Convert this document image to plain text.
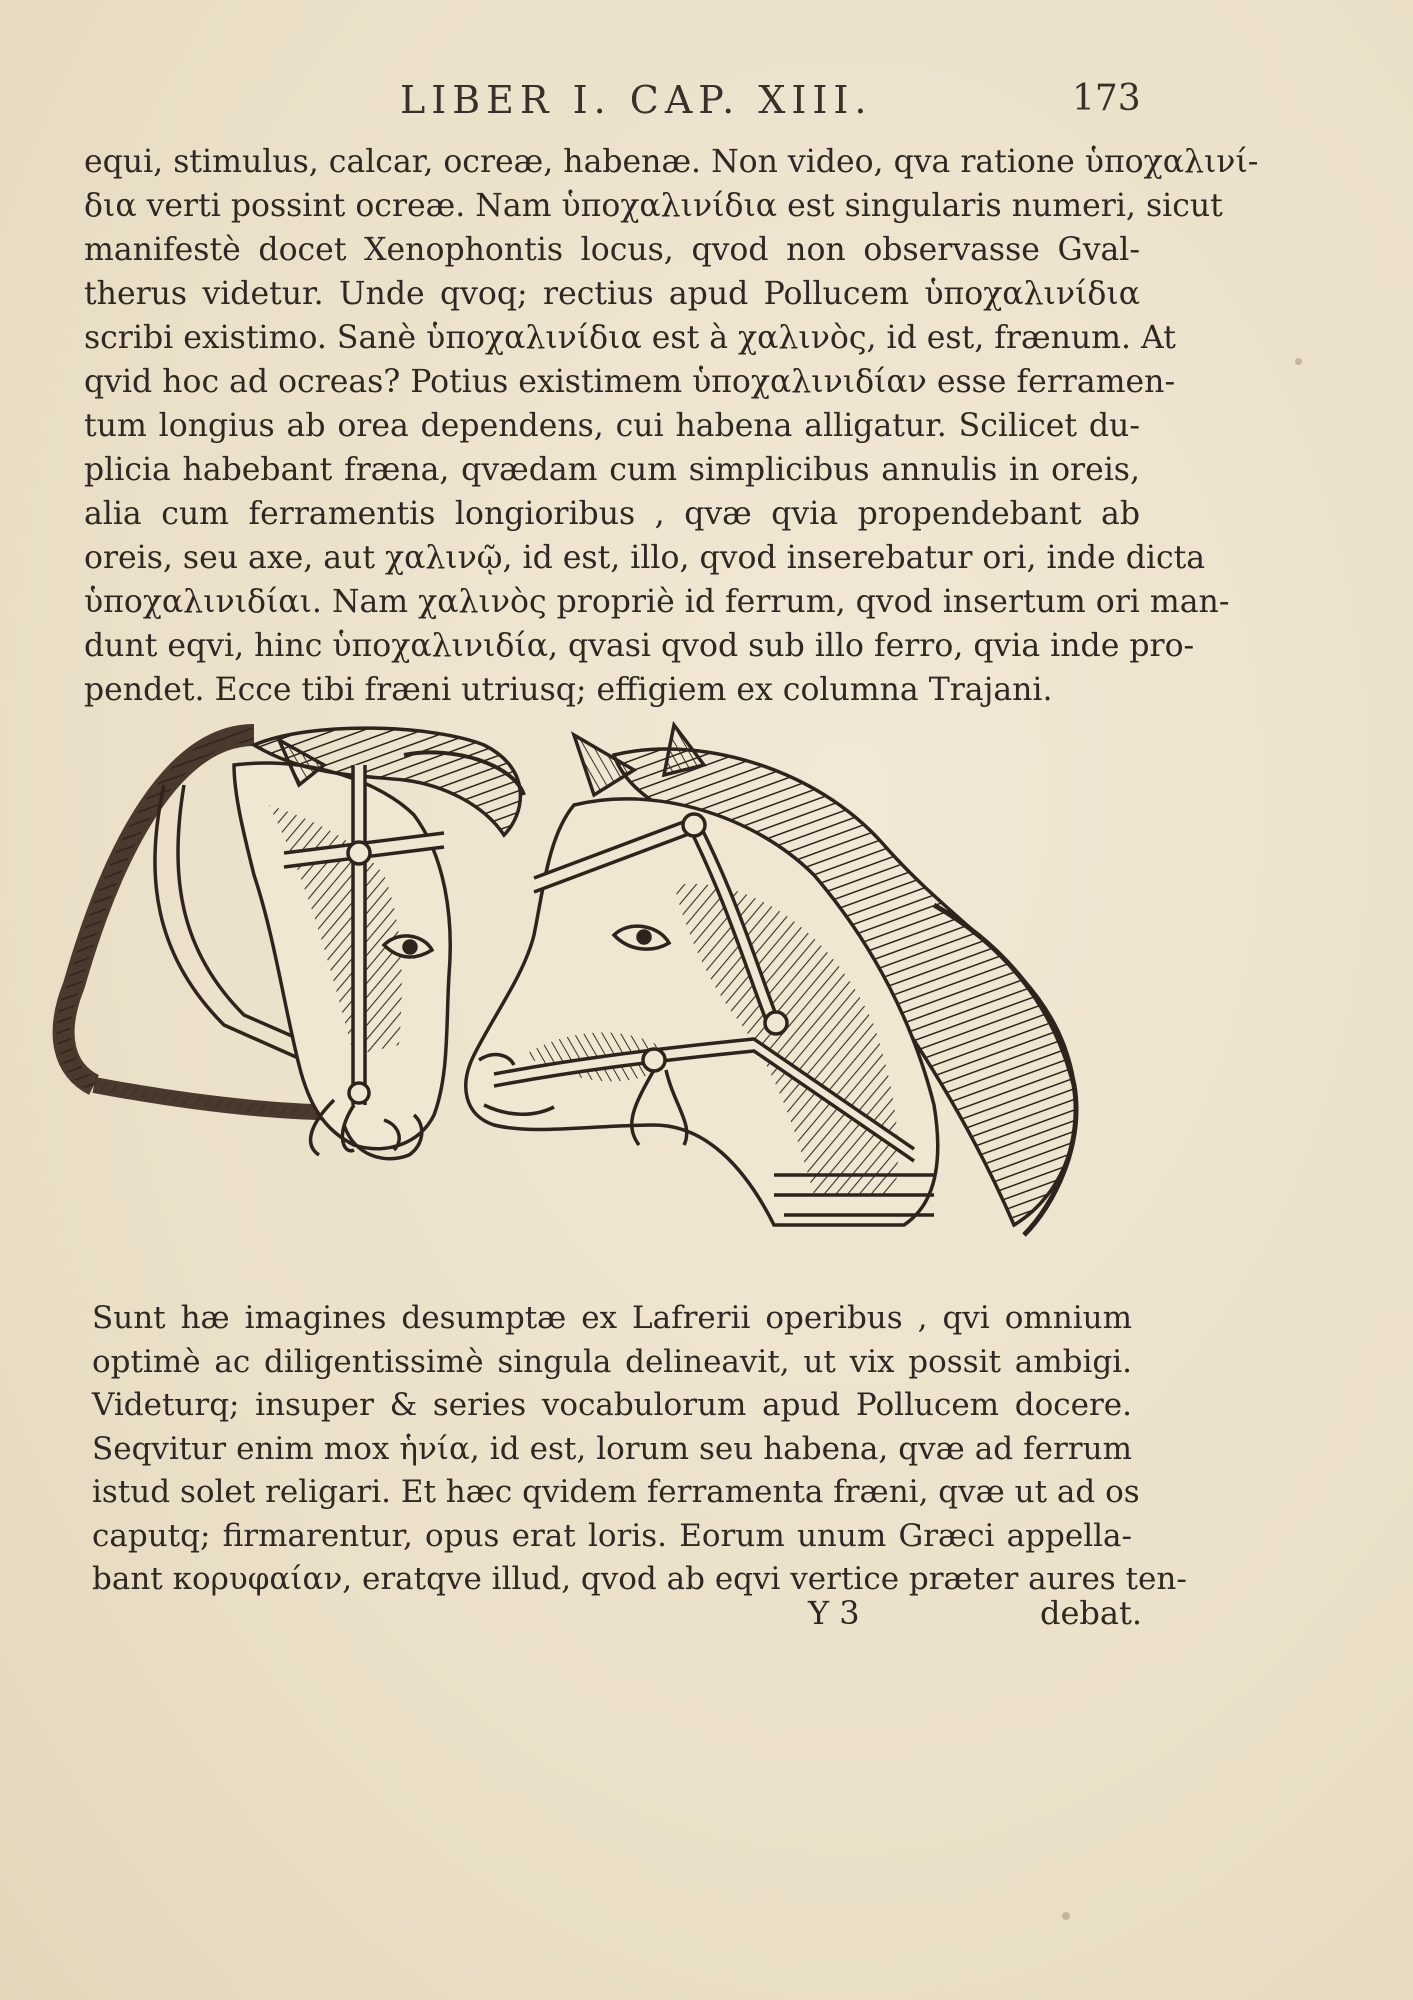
LIBER I. CAP. XIII.	173
equi, stimulus, calcar, ocreæ, habenæ. Non video, qva ratione ὑποχαλινί-
δια verti possint ocreæ. Nam ὑποχαλινίδια est singularis numeri, sicut
manifestè docet Xenophontis locus, qvod non observasse Gval-
therus videtur. Unde qvoq; rectius apud Pollucem ὑποχαλινίδια
scribi existimo. Sanè ὑποχαλινίδια est à χαλινὸς, id est, frænum. At
qvid hoc ad ocreas? Potius existimem ὑποχαλινιδίαν esse ferramen-
tum longius ab orea dependens, cui habena alligatur. Scilicet du-
plicia habebant fræna, qvædam cum simplicibus annulis in oreis,
alia cum ferramentis longioribus , qvæ qvia propendebant ab
oreis, seu axe, aut χαλινῷ, id est, illo, qvod inserebatur ori, inde dicta
ὑποχαλινιδίαι. Nam χαλινὸς propriè id ferrum, qvod insertum ori man-
dunt eqvi, hinc ὑποχαλινιδία, qvasi qvod sub illo ferro, qvia inde pro-
pendet. Ecce tibi fræni utriusq; effigiem ex columna Trajani.
Sunt hæ imagines desumptæ ex Lafrerii operibus , qvi omnium
optimè ac diligentissimè singula delineavit, ut vix possit ambigi.
Videturq; insuper & series vocabulorum apud Pollucem docere.
Seqvitur enim mox ἡνία, id est, lorum seu habena, qvæ ad ferrum
istud solet religari. Et hæc qvidem ferramenta fræni, qvæ ut ad os
caputq; firmarentur, opus erat loris. Eorum unum Græci appella-
bant κορυφαίαν, eratqve illud, qvod ab eqvi vertice præter aures ten-
Y 3	debat.
